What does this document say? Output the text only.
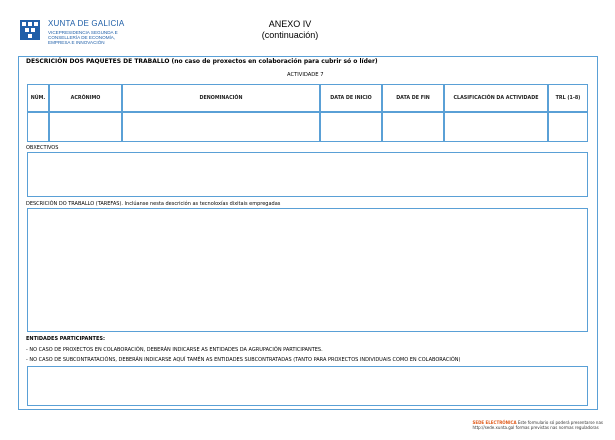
XUNTA DE GALICIA
VICEPRESIDENCIA SEGUNDA E
CONSELLERÍA DE ECONOMÍA,
EMPRESA E INNOVACIÓN
ANEXO IV
(continuación)
DESCRICIÓN DOS PAQUETES DE TRABALLO (no caso de proxectos en colaboración para cubrir só o líder)
ACTIVIDADE 7
NÚM.	ACRÓNIMO	DENOMINACIÓN	DATA DE INICIO	DATA DE FIN	CLASIFICACIÓN DA ACTIVIDADE	TRL (1-8)
OBXECTIVOS
DESCRICIÓN DO TRABALLO (TAREFAS). Inclúanse nesta descrición as tecnoloxías dixitais empregadas
ENTIDADES PARTICIPANTES:
- NO CASO DE PROXECTOS EN COLABORACIÓN, DEBERÁN INDICARSE AS ENTIDADES DA AGRUPACIÓN PARTICIPANTES.
- NO CASO DE SUBCONTRATACIÓNS, DEBERÁN INDICARSE AQUÍ TAMÉN AS ENTIDADES SUBCONTRATADAS (TANTO PARA PROXECTOS INDIVIDUAIS COMO EN COLABORACIÓN)
SEDE ELECTRÓNICA Este formulario só poderá presentarse nas
http://sede.xunta.gal formas previstas nas normas reguladoras
